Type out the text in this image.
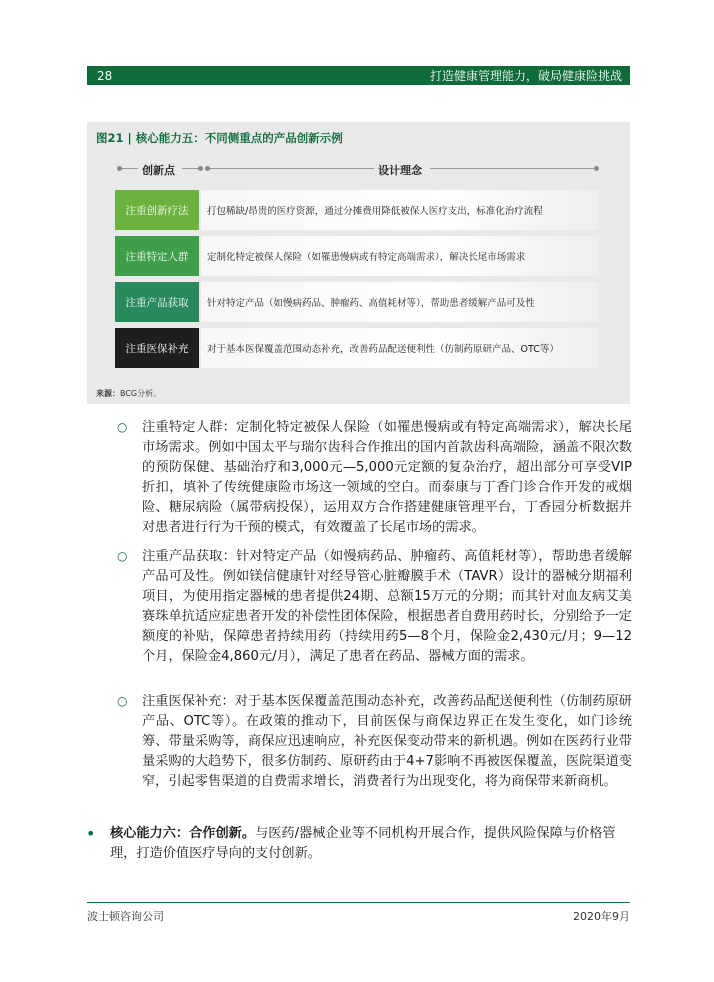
28	打造健康管理能力，破局健康险挑战
图21 | 核心能力五：不同侧重点的产品创新示例
创新点	设计理念
注重创新疗法	打包稀缺/昂贵的医疗资源，通过分摊费用降低被保人医疗支出，标准化治疗流程
注重特定人群	定制化特定被保人保险（如罹患慢病或有特定高端需求），解决长尾市场需求
注重产品获取	针对特定产品（如慢病药品、肿瘤药、高值耗材等），帮助患者缓解产品可及性
注重医保补充	对于基本医保覆盖范围动态补充，改善药品配送便利性（仿制药原研产品、OTC等）
来源：BCG分析。
○ 注重特定人群：定制化特定被保人保险（如罹患慢病或有特定高端需求），解决长尾市场需求。例如中国太平与瑞尔齿科合作推出的国内首款齿科高端险，涵盖不限次数的预防保健、基础治疗和3,000元—5,000元定额的复杂治疗，超出部分可享受VIP折扣，填补了传统健康险市场这一领域的空白。而泰康与丁香门诊合作开发的戒烟险、糖尿病险（属带病投保），运用双方合作搭建健康管理平台，丁香园分析数据并对患者进行行为干预的模式，有效覆盖了长尾市场的需求。

○ 注重产品获取：针对特定产品（如慢病药品、肿瘤药、高值耗材等），帮助患者缓解产品可及性。例如镁信健康针对经导管心脏瓣膜手术（TAVR）设计的器械分期福利项目，为使用指定器械的患者提供24期、总额15万元的分期；而其针对血友病艾美赛珠单抗适应症患者开发的补偿性团体保险，根据患者自费用药时长，分别给予一定额度的补贴，保障患者持续用药（持续用药5—8个月，保险金2,430元/月；9—12个月，保险金4,860元/月），满足了患者在药品、器械方面的需求。

○ 注重医保补充：对于基本医保覆盖范围动态补充，改善药品配送便利性（仿制药原研产品、OTC等）。在政策的推动下，目前医保与商保边界正在发生变化，如门诊统筹、带量采购等，商保应迅速响应，补充医保变动带来的新机遇。例如在医药行业带量采购的大趋势下，很多仿制药、原研药由于4+7影响不再被医保覆盖，医院渠道变窄，引起零售渠道的自费需求增长，消费者行为出现变化，将为商保带来新商机。

• 核心能力六：合作创新。与医药/器械企业等不同机构开展合作，提供风险保障与价格管理，打造价值医疗导向的支付创新。
波士顿咨询公司	2020年9月
